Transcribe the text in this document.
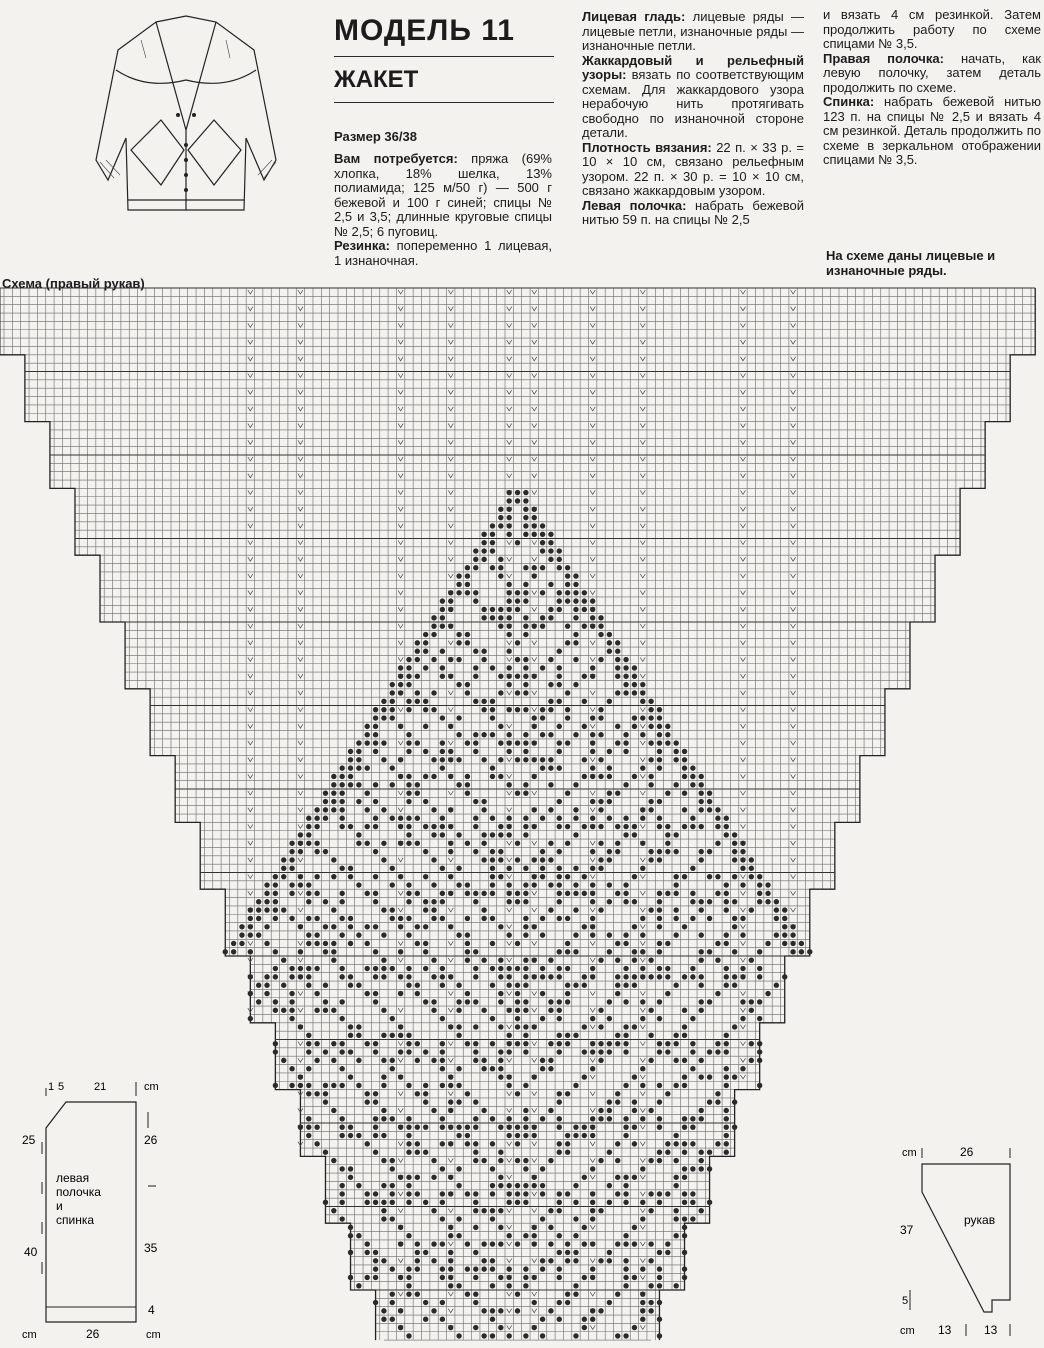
МОДЕЛЬ 11
ЖАКЕТ
Размер 36/38
Вам потребуется: пряжа (69% хлопка, 18% шелка, 13% полиамида; 125 м/50 г) — 500 г бежевой и 100 г синей; спицы № 2,5 и 3,5; длинные круговые спицы № 2,5; 6 пуговиц.
Резинка: попеременно 1 лицевая, 1 изнаночная.
Лицевая гладь: лицевые ряды — лицевые петли, изнаночные ряды — изнаночные петли.
Жаккардовый и рельефный узоры: вязать по соответствующим схемам. Для жаккардового узора нерабочую нить протягивать свободно по изнаночной стороне детали.
Плотность вязания: 22 п. × 33 р. = 10 × 10 см, связано рельефным узором. 22 п. × 30 р. = 10 × 10 см, связано жаккардовым узором.
Левая полочка: набрать бежевой нитью 59 п. на спицы № 2,5
и вязать 4 см резинкой. Затем продолжить работу по схеме спицами № 3,5.
Правая полочка: начать, как левую полочку, затем деталь продолжить по схеме.
Спинка: набрать бежевой нитью 123 п. на спицы № 2,5 и вязать 4 см резинкой. Деталь продолжить по схеме в зеркальном отображении спицами № 3,5.
На схеме даны лицевые и изнаночные ряды.
Схема (правый рукав)
1 5	21	cm
25
40
26
35
4
cm	26	cm
левая
полочка
и
спинка
cm	26
37
5
cm 13	13
рукав
